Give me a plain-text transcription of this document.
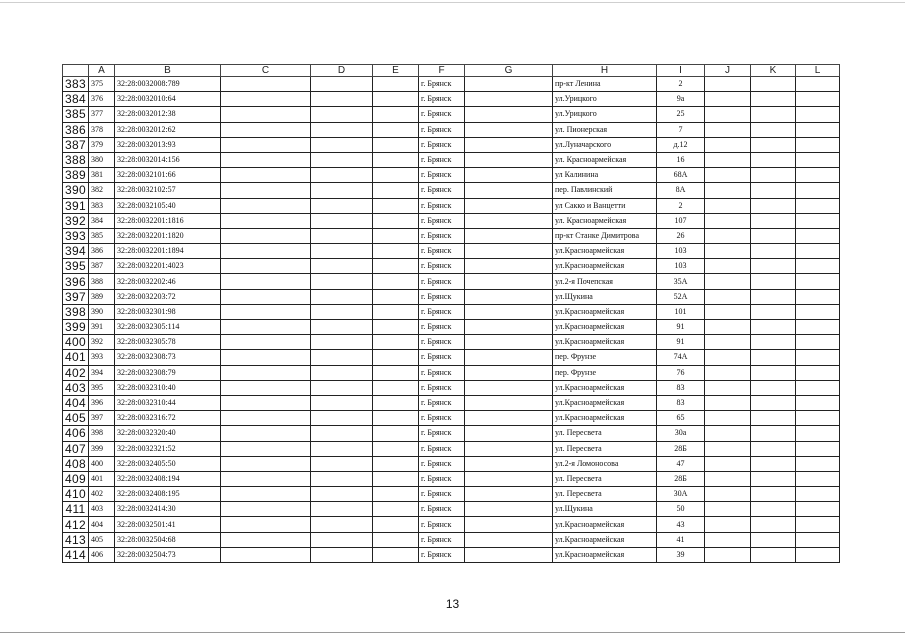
	A	B	C	D	E	F	G	H	I	J	K	L
383	375	32:28:0032008:789				г. Брянск		пр-кт Ленина	2			
384	376	32:28:0032010:64				г. Брянск		ул.Урицкого	9а			
385	377	32:28:0032012:38				г. Брянск		ул.Урицкого	25			
386	378	32:28:0032012:62				г. Брянск		ул. Пионерская	7			
387	379	32:28:0032013:93				г. Брянск		ул.Луначарского	д.12			
388	380	32:28:0032014:156				г. Брянск		ул. Красноармейская	16			
389	381	32:28:0032101:66				г. Брянск		ул Калинина	68А			
390	382	32:28:0032102:57				г. Брянск		пер. Павлинский	8А			
391	383	32:28:0032105:40				г. Брянск		ул Сакко и Ванцетти	2			
392	384	32:28:0032201:1816				г. Брянск		ул. Красноармейская	107			
393	385	32:28:0032201:1820				г. Брянск		пр-кт Станке Димитрова	26			
394	386	32:28:0032201:1894				г. Брянск		ул.Красноармейская	103			
395	387	32:28:0032201:4023				г. Брянск		ул.Красноармейская	103			
396	388	32:28:0032202:46				г. Брянск		ул.2-я Почепская	35А			
397	389	32:28:0032203:72				г. Брянск		ул.Щукина	52А			
398	390	32:28:0032301:98				г. Брянск		ул.Красноармейская	101			
399	391	32:28:0032305:114				г. Брянск		ул.Красноармейская	91			
400	392	32:28:0032305:78				г. Брянск		ул.Красноармейская	91			
401	393	32:28:0032308:73				г. Брянск		пер. Фрунзе	74А			
402	394	32:28:0032308:79				г. Брянск		пер. Фрунзе	76			
403	395	32:28:0032310:40				г. Брянск		ул.Красноармейская	83			
404	396	32:28:0032310:44				г. Брянск		ул.Красноармейская	83			
405	397	32:28:0032316:72				г. Брянск		ул.Красноармейская	65			
406	398	32:28:0032320:40				г. Брянск		ул. Пересвета	30а			
407	399	32:28:0032321:52				г. Брянск		ул. Пересвета	28Б			
408	400	32:28:0032405:50				г. Брянск		ул.2-я Ломоносова	47			
409	401	32:28:0032408:194				г. Брянск		ул. Пересвета	28Б			
410	402	32:28:0032408:195				г. Брянск		ул. Пересвета	30А			
411	403	32:28:0032414:30				г. Брянск		ул.Щукина	50			
412	404	32:28:0032501:41				г. Брянск		ул.Красноармейская	43			
413	405	32:28:0032504:68				г. Брянск		ул.Красноармейская	41			
414	406	32:28:0032504:73				г. Брянск		ул.Красноармейская	39			
13
